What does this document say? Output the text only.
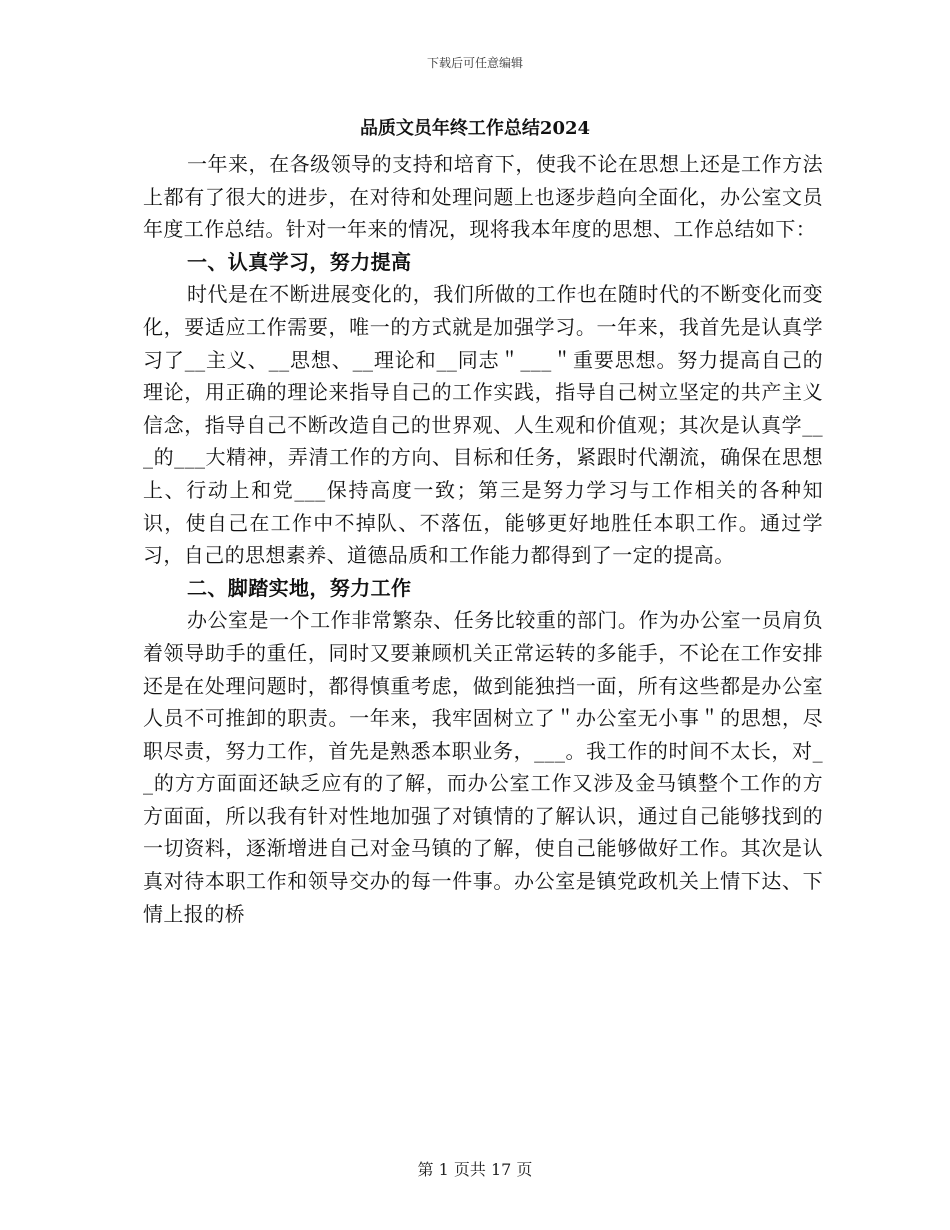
下载后可任意编辑
品质文员年终工作总结2024

一年来，在各级领导的支持和培育下，使我不论在思想上还是工作方法上都有了很大的进步，在对待和处理问题上也逐步趋向全面化，办公室文员年度工作总结。针对一年来的情况，现将我本年度的思想、工作总结如下：

一、认真学习，努力提高

时代是在不断进展变化的，我们所做的工作也在随时代的不断变化而变化，要适应工作需要，唯一的方式就是加强学习。一年来，我首先是认真学习了__主义、__思想、__理论和__同志＂___＂重要思想。努力提高自己的理论，用正确的理论来指导自己的工作实践，指导自己树立坚定的共产主义信念，指导自己不断改造自己的世界观、人生观和价值观；其次是认真学___的___大精神，弄清工作的方向、目标和任务，紧跟时代潮流，确保在思想上、行动上和党___保持高度一致；第三是努力学习与工作相关的各种知识，使自己在工作中不掉队、不落伍，能够更好地胜任本职工作。通过学习，自己的思想素养、道德品质和工作能力都得到了一定的提高。

二、脚踏实地，努力工作

办公室是一个工作非常繁杂、任务比较重的部门。作为办公室一员肩负着领导助手的重任，同时又要兼顾机关正常运转的多能手，不论在工作安排还是在处理问题时，都得慎重考虑，做到能独挡一面，所有这些都是办公室人员不可推卸的职责。一年来，我牢固树立了＂办公室无小事＂的思想，尽职尽责，努力工作，首先是熟悉本职业务，___。我工作的时间不太长，对__的方方面面还缺乏应有的了解，而办公室工作又涉及金马镇整个工作的方方面面，所以我有针对性地加强了对镇情的了解认识，通过自己能够找到的一切资料，逐渐增进自己对金马镇的了解，使自己能够做好工作。其次是认真对待本职工作和领导交办的每一件事。办公室是镇党政机关上情下达、下情上报的桥

第 1 页共 17 页
